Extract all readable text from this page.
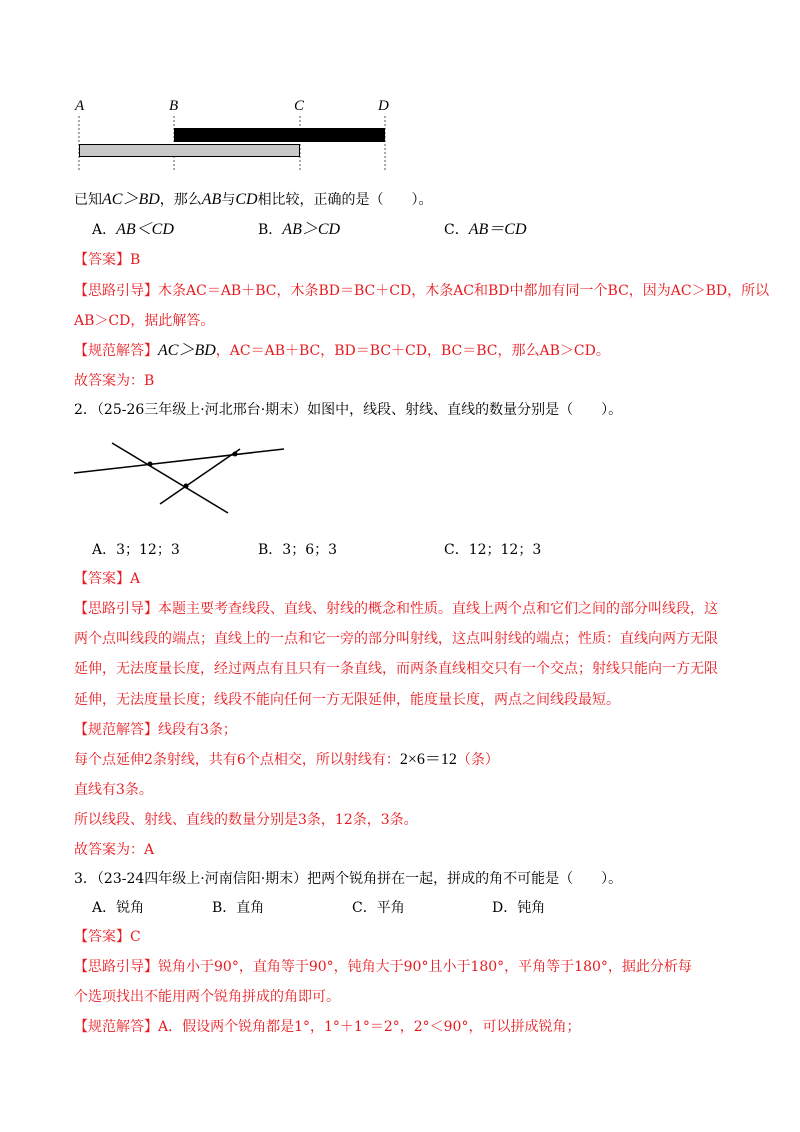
A	B	C	D
已知AC＞BD，那么AB与CD相比较，正确的是（　　）。
A．AB＜CD	B．AB＞CD	C．AB＝CD
【答案】B
【思路引导】木条AC＝AB＋BC，木条BD＝BC＋CD，木条AC和BD中都加有同一个BC，因为AC＞BD，所以
AB＞CD，据此解答。
【规范解答】AC＞BD，AC＝AB＋BC，BD＝BC＋CD，BC＝BC，那么AB＞CD。
故答案为：B
2．（25-26三年级上·河北邢台·期末）如图中，线段、射线、直线的数量分别是（　　）。
A．3；12；3	B．3；6；3	C．12；12；3
【答案】A
【思路引导】本题主要考查线段、直线、射线的概念和性质。直线上两个点和它们之间的部分叫线段，这
两个点叫线段的端点；直线上的一点和它一旁的部分叫射线，这点叫射线的端点；性质：直线向两方无限
延伸，无法度量长度，经过两点有且只有一条直线，而两条直线相交只有一个交点；射线只能向一方无限
延伸，无法度量长度；线段不能向任何一方无限延伸，能度量长度，两点之间线段最短。
【规范解答】线段有3条；
每个点延伸2条射线，共有6个点相交，所以射线有：2×6＝12（条）
直线有3条。
所以线段、射线、直线的数量分别是3条，12条，3条。
故答案为：A
3．（23-24四年级上·河南信阳·期末）把两个锐角拼在一起，拼成的角不可能是（　　）。
A．锐角	B．直角	C．平角	D．钝角
【答案】C
【思路引导】锐角小于90°，直角等于90°，钝角大于90°且小于180°，平角等于180°，据此分析每
个选项找出不能用两个锐角拼成的角即可。
【规范解答】A．假设两个锐角都是1°，1°＋1°＝2°，2°＜90°，可以拼成锐角；
